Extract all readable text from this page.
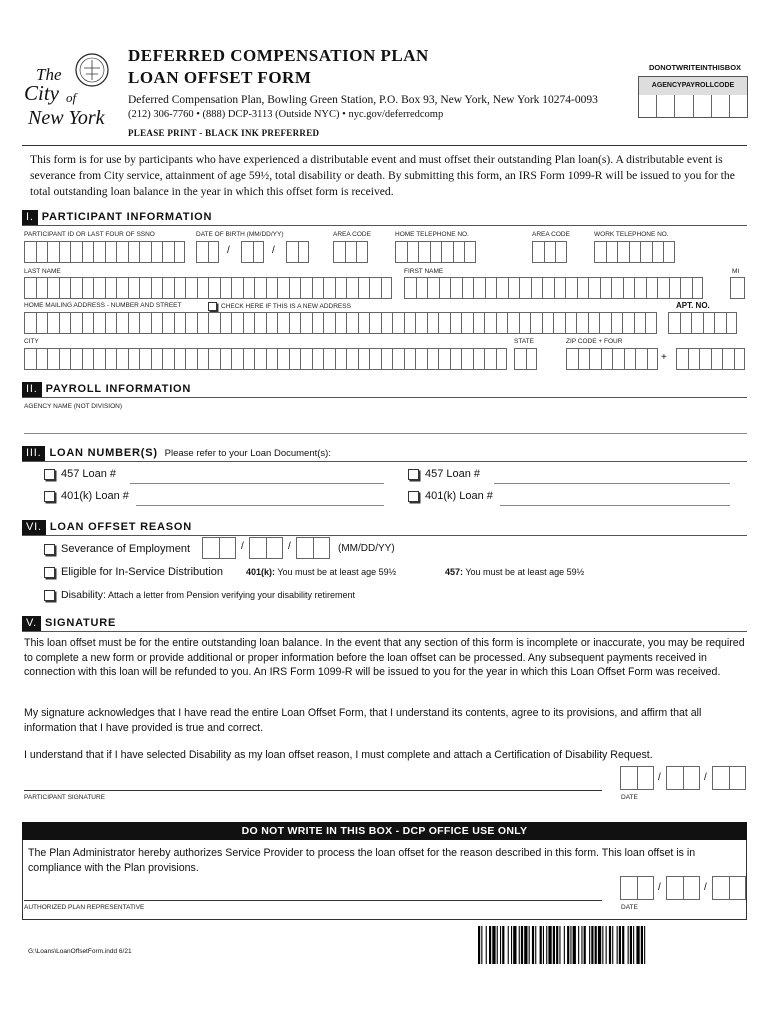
The
City of
New York
DEFERRED COMPENSATION PLAN
LOAN OFFSET FORM
Deferred Compensation Plan, Bowling Green Station, P.O. Box 93, New York, New York 10274-0093
(212) 306-7760 • (888) DCP-3113 (Outside NYC) • nyc.gov/deferredcomp
PLEASE PRINT - BLACK INK PREFERRED
DONOTWRITEINTHISBOX
AGENCYPAYROLLCODE
This form is for use by participants who have experienced a distributable event and must offset their outstanding Plan loan(s). A distributable event is severance from City service, attainment of age 59½, total disability or death. By submitting this form, an IRS Form 1099-R will be issued to you for the total outstanding loan balance in the year in which this offset form is received.
I. PARTICIPANT INFORMATION
PARTICIPANT ID OR LAST FOUR OF SSNO	DATE OF BIRTH (MM/DD/YY)	AREA CODE	HOME TELEPHONE NO.	AREA CODE	WORK TELEPHONE NO.
/	/
LAST NAME	FIRST NAME	MI
HOME MAILING ADDRESS - NUMBER AND STREET	CHECK HERE IF THIS IS A NEW ADDRESS	APT. NO.
CITY	STATE	ZIP CODE + FOUR
+
II. PAYROLL INFORMATION
AGENCY NAME (NOT DIVISION)
III. LOAN NUMBER(S) Please refer to your Loan Document(s):
457 Loan #	457 Loan #
401(k) Loan #	401(k) Loan #
VI. LOAN OFFSET REASON
Severance of Employment	/	/	(MM/DD/YY)
Eligible for In-Service Distribution	401(k): You must be at least age 59½	457: You must be at least age 59½
Disability: Attach a letter from Pension verifying your disability retirement
V. SIGNATURE
This loan offset must be for the entire outstanding loan balance. In the event that any section of this form is incomplete or inaccurate, you may be required to complete a new form or provide additional or proper information before the loan offset can be processed. Any subsequent payments received in connection with this loan will be refunded to you. An IRS Form 1099-R will be issued to you for the year in which this Loan Offset Form was received.
My signature acknowledges that I have read the entire Loan Offset Form, that I understand its contents, agree to its provisions, and affirm that all information that I have provided is true and correct.
I understand that if I have selected Disability as my loan offset reason, I must complete and attach a Certification of Disability Request.
PARTICIPANT SIGNATURE
/	/
DATE
DO NOT WRITE IN THIS BOX - DCP OFFICE USE ONLY
The Plan Administrator hereby authorizes Service Provider to process the loan offset for the reason described in this form. This loan offset is in compliance with the Plan provisions.
AUTHORIZED PLAN REPRESENTATIVE
/	/
DATE
G:\Loans\LoanOffsetForm.indd 6/21
